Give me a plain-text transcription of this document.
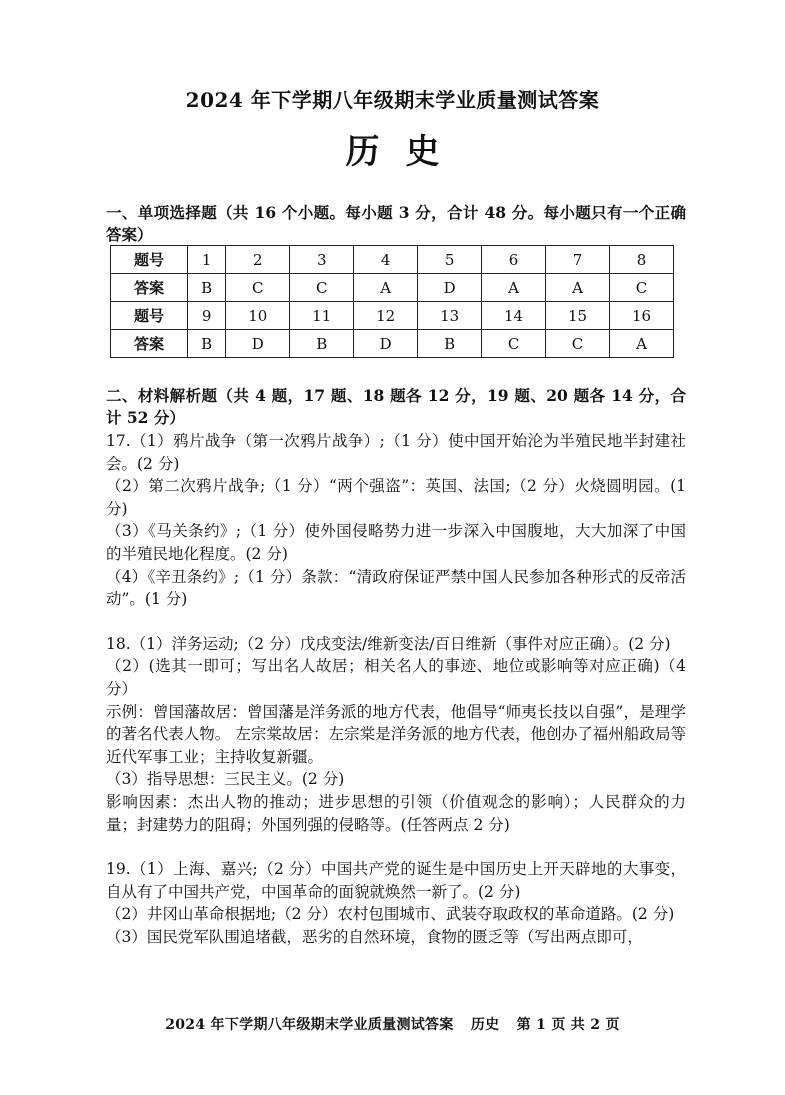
2024 年下学期八年级期末学业质量测试答案
历史
一、单项选择题（共 16 个小题。每小题 3 分，合计 48 分。每小题只有一个正确答案）
题号	1	2	3	4	5	6	7	8
答案	B	C	C	A	D	A	A	C
题号	9	10	11	12	13	14	15	16
答案	B	D	B	D	B	C	C	A
二、材料解析题（共 4 题，17 题、18 题各 12 分，19 题、20 题各 14 分，合计 52 分）

17.（1）鸦片战争（第一次鸦片战争）;（1 分）使中国开始沦为半殖民地半封建社会。(2 分)

（2）第二次鸦片战争;（1 分）“两个强盗”：英国、法国;（2 分）火烧圆明园。(1 分)

（3）《马关条约》;（1 分）使外国侵略势力进一步深入中国腹地，大大加深了中国的半殖民地化程度。(2 分)

（4）《辛丑条约》;（1 分）条款：“清政府保证严禁中国人民参加各种形式的反帝活动”。(1 分)

18.（1）洋务运动;（2 分）戊戌变法/维新变法/百日维新（事件对应正确）。(2 分)

（2）(选其一即可；写出名人故居；相关名人的事迹、地位或影响等对应正确)（4 分）

示例：曾国藩故居：曾国藩是洋务派的地方代表，他倡导“师夷长技以自强”，是理学的著名代表人物。 左宗棠故居：左宗棠是洋务派的地方代表，他创办了福州船政局等近代军事工业；主持收复新疆。

（3）指导思想：三民主义。(2 分)

影响因素：杰出人物的推动；进步思想的引领（价值观念的影响）；人民群众的力量；封建势力的阻碍；外国列强的侵略等。(任答两点 2 分)

19.（1）上海、嘉兴;（2 分）中国共产党的诞生是中国历史上开天辟地的大事变，自从有了中国共产党，中国革命的面貌就焕然一新了。(2 分)

（2）井冈山革命根据地;（2 分）农村包围城市、武装夺取政权的革命道路。(2 分)

（3）国民党军队围追堵截，恶劣的自然环境，食物的匮乏等（写出两点即可，

2024 年下学期八年级期末学业质量测试答案 历史 第 1 页 共 2 页
